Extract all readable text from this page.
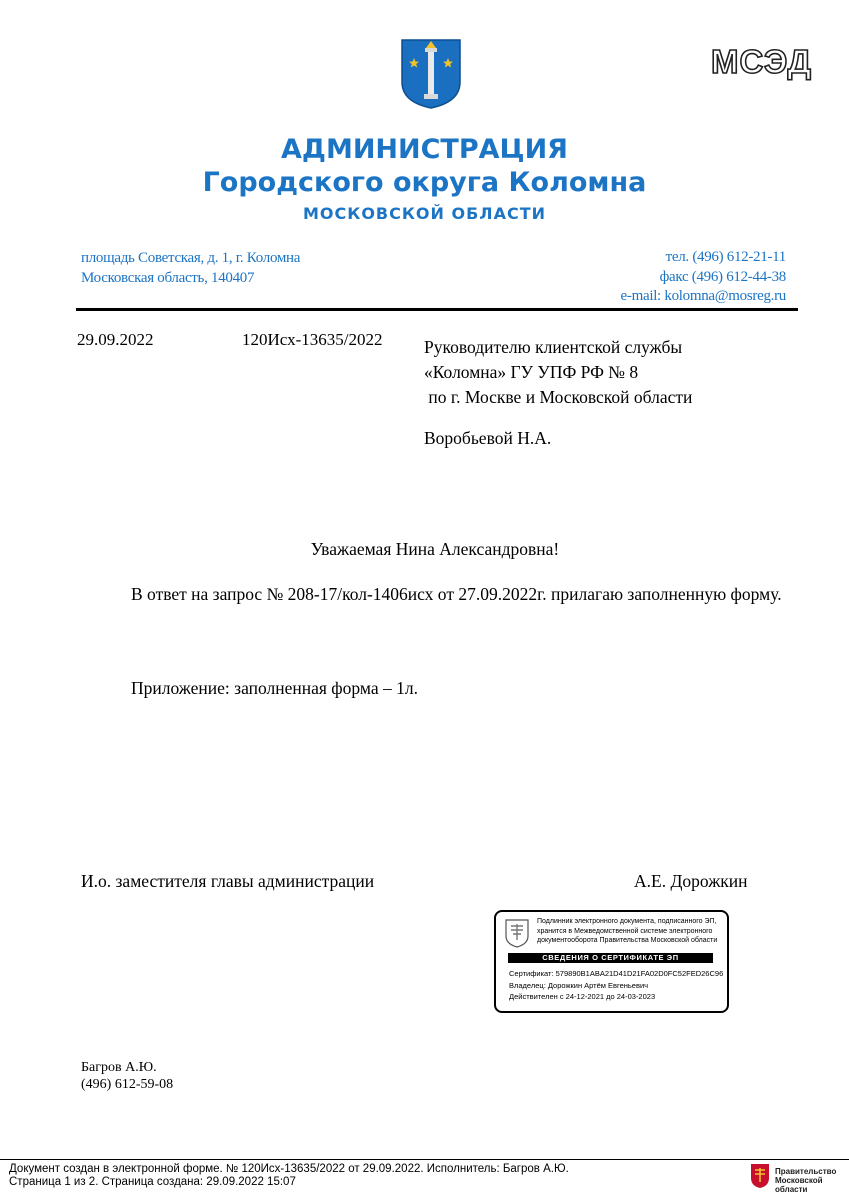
МСЭД
АДМИНИСТРАЦИЯ
Городского округа Коломна
МОСКОВСКОЙ ОБЛАСТИ
площадь Советская, д. 1, г. Коломна
Московская область, 140407
тел. (496) 612-21-11
факс (496) 612-44-38
e-mail: kolomna@mosreg.ru
29.09.2022	120Исх-13635/2022 Руководителю клиентской службы
«Коломна» ГУ УПФ РФ № 8
по г. Москве и Московской области
Воробьевой Н.А.
Уважаемая Нина Александровна!
В ответ на запрос № 208-17/кол-1406исх от 27.09.2022г. прилагаю заполненную форму.
Приложение: заполненная форма – 1л.
И.о. заместителя главы администрации	А.Е. Дорожкин
Подлинник электронного документа, подписанного ЭП,
хранится в Межведомственной системе электронного
документооборота Правительства Московской области
СВЕДЕНИЯ О СЕРТИФИКАТЕ ЭП
Сертификат: 579890B1ABA21D41D21FA02D0FC52FED26C96
Владелец: Дорожкин Артём Евгеньевич
Действителен с 24-12-2021 до 24-03-2023
Багров А.Ю.
(496) 612-59-08
Документ создан в электронной форме. № 120Исх-13635/2022 от 29.09.2022. Исполнитель: Багров А.Ю.
Страница 1 из 2. Страница создана: 29.09.2022 15:07
Правительство
Московской области
